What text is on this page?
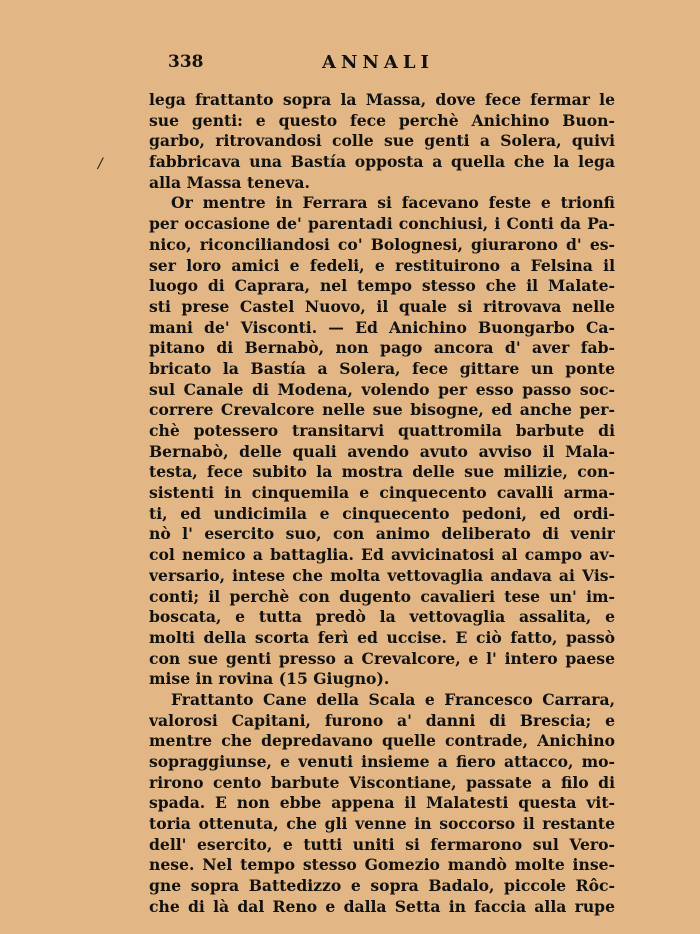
338	ANNALI
/
lega frattanto sopra la Massa, dove fece fermar le
sue genti: e questo fece perchè Anichino Buon-
garbo, ritrovandosi colle sue genti a Solera, quivi
fabbricava una Bastía opposta a quella che la lega
alla Massa teneva.
Or mentre in Ferrara si facevano feste e trionfi
per occasione de' parentadi conchiusi, i Conti da Pa-
nico, riconciliandosi co' Bolognesi, giurarono d' es-
ser loro amici e fedeli, e restituirono a Felsina il
luogo di Caprara, nel tempo stesso che il Malate-
sti prese Castel Nuovo, il quale si ritrovava nelle
mani de' Visconti. — Ed Anichino Buongarbo Ca-
pitano di Bernabò, non pago ancora d' aver fab-
bricato la Bastía a Solera, fece gittare un ponte
sul Canale di Modena, volendo per esso passo soc-
correre Crevalcore nelle sue bisogne, ed anche per-
chè potessero transitarvi quattromila barbute di
Bernabò, delle quali avendo avuto avviso il Mala-
testa, fece subito la mostra delle sue milizie, con-
sistenti in cinquemila e cinquecento cavalli arma-
ti, ed undicimila e cinquecento pedoni, ed ordi-
nò l' esercito suo, con animo deliberato di venir
col nemico a battaglia. Ed avvicinatosi al campo av-
versario, intese che molta vettovaglia andava ai Vis-
conti; il perchè con dugento cavalieri tese un' im-
boscata, e tutta predò la vettovaglia assalita, e
molti della scorta ferì ed uccise. E ciò fatto, passò
con sue genti presso a Crevalcore, e l' intero paese
mise in rovina (15 Giugno).
Frattanto Cane della Scala e Francesco Carrara,
valorosi Capitani, furono a' danni di Brescia; e
mentre che depredavano quelle contrade, Anichino
sopraggiunse, e venuti insieme a fiero attacco, mo-
rirono cento barbute Viscontiane, passate a filo di
spada. E non ebbe appena il Malatesti questa vit-
toria ottenuta, che gli venne in soccorso il restante
dell' esercito, e tutti uniti si fermarono sul Vero-
nese. Nel tempo stesso Gomezio mandò molte inse-
gne sopra Battedizzo e sopra Badalo, piccole Rôc-
che di là dal Reno e dalla Setta in faccia alla rupe
